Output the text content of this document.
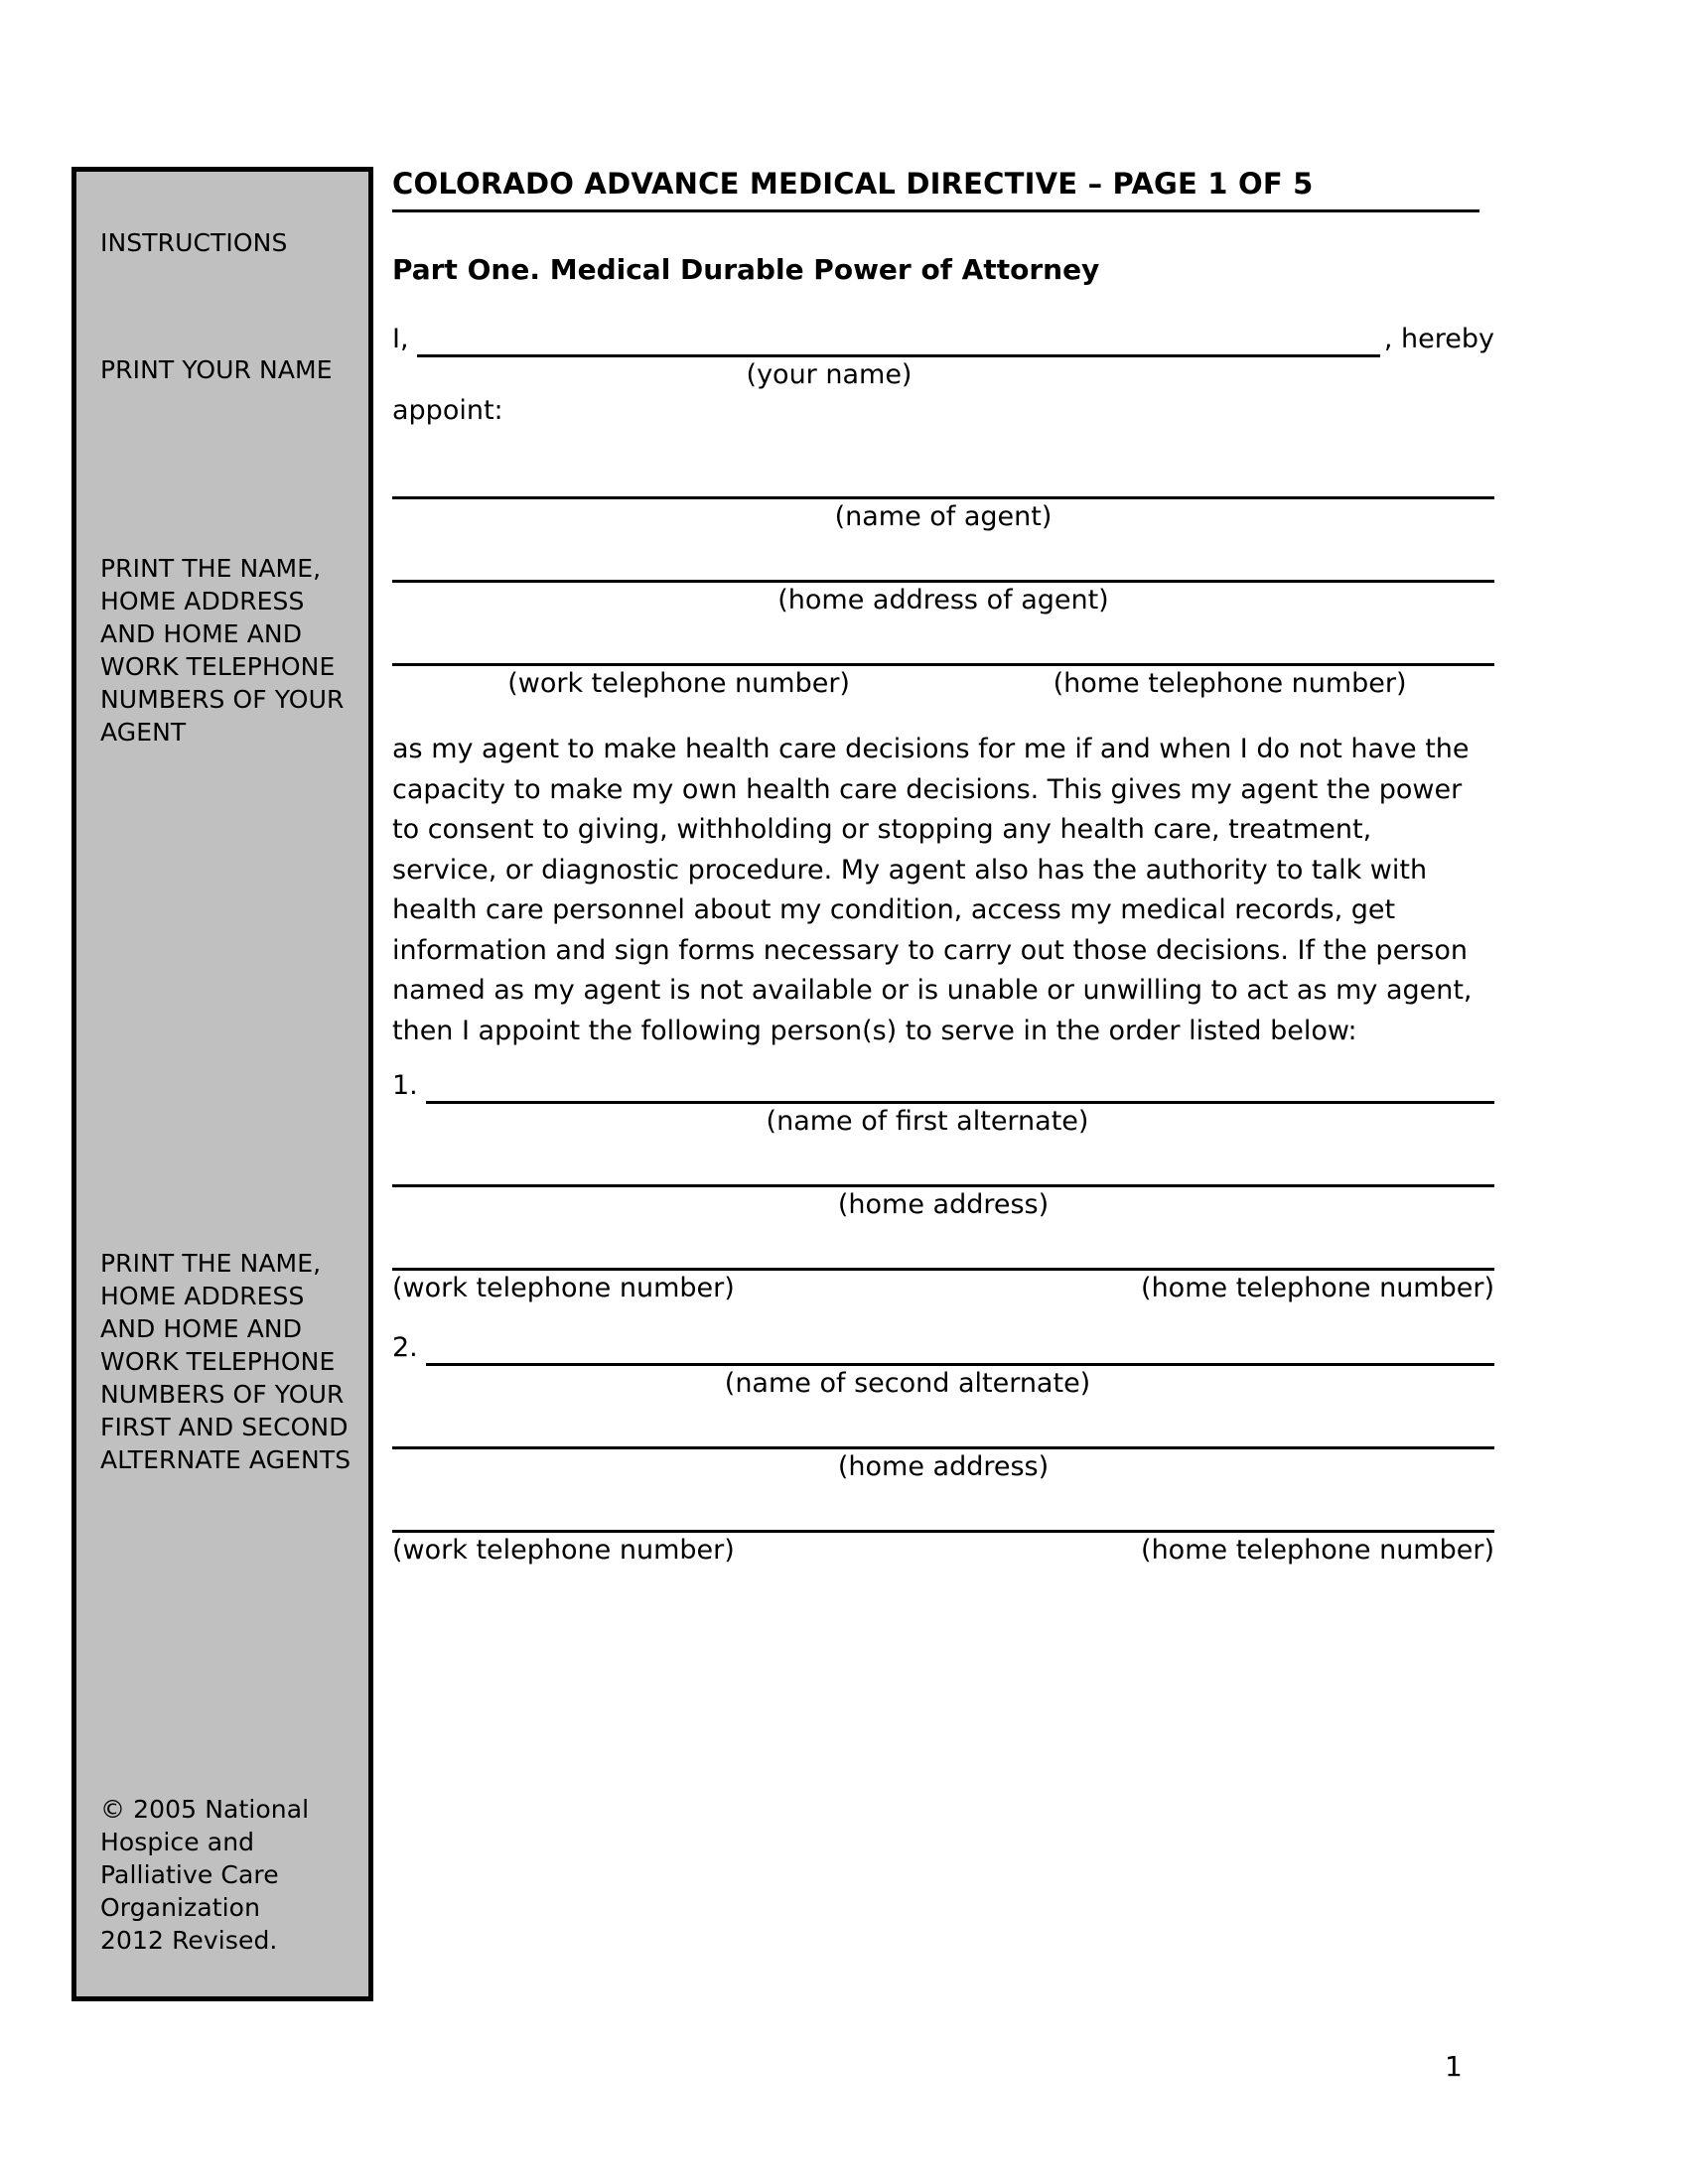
INSTRUCTIONS
PRINT YOUR NAME
PRINT THE NAME,
HOME ADDRESS
AND HOME AND
WORK TELEPHONE
NUMBERS OF YOUR
AGENT
PRINT THE NAME,
HOME ADDRESS
AND HOME AND
WORK TELEPHONE
NUMBERS OF YOUR
FIRST AND SECOND
ALTERNATE AGENTS
© 2005 National
Hospice and
Palliative Care
Organization
2012 Revised.
COLORADO ADVANCE MEDICAL DIRECTIVE – PAGE 1 OF 5
Part One. Medical Durable Power of Attorney
I,	, hereby
(your name)
appoint:
(name of agent)
(home address of agent)
(work telephone number)	(home telephone number)
as my agent to make health care decisions for me if and when I do not have the capacity to make my own health care decisions. This gives my agent the power to consent to giving, withholding or stopping any health care, treatment, service, or diagnostic procedure. My agent also has the authority to talk with health care personnel about my condition, access my medical records, get information and sign forms necessary to carry out those decisions. If the person named as my agent is not available or is unable or unwilling to act as my agent, then I appoint the following person(s) to serve in the order listed below:
1.
(name of first alternate)
(home address)
(work telephone number)	(home telephone number)
2.
(name of second alternate)
(home address)
(work telephone number)	(home telephone number)
1
